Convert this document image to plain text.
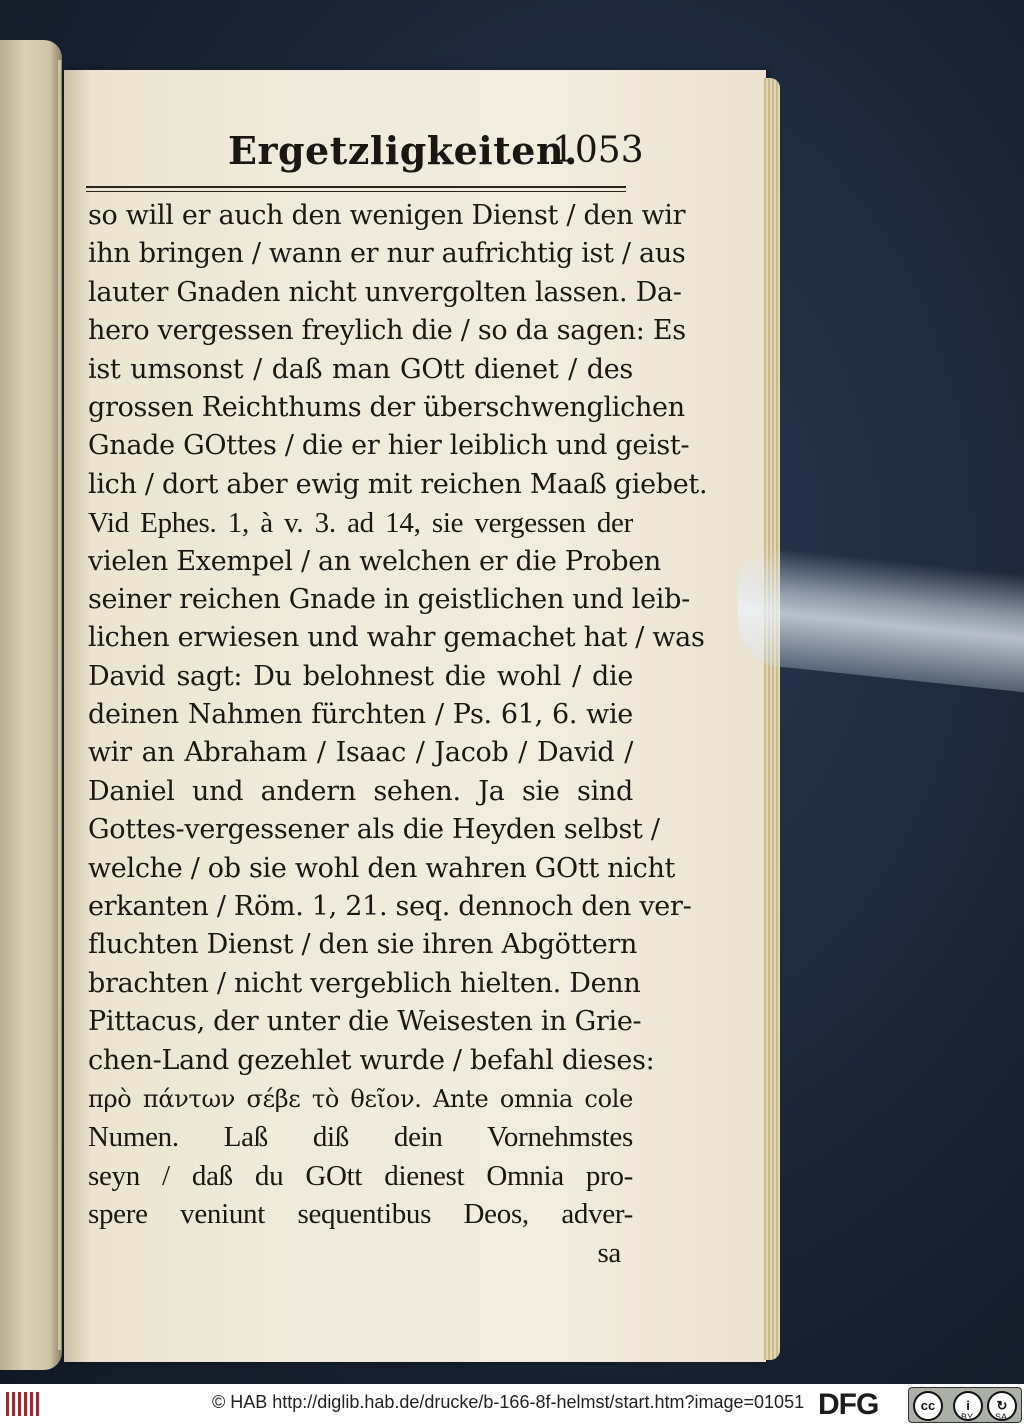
Ergetzligkeiten.
1053
so will er auch den wenigen Dienst / den wir
ihn bringen / wann er nur aufrichtig ist / aus
lauter Gnaden nicht unvergolten lassen. Da-
hero vergessen freylich die / so da sagen: Es
ist umsonst / daß man GOtt dienet / des
grossen Reichthums der überschwenglichen
Gnade GOttes / die er hier leiblich und geist-
lich / dort aber ewig mit reichen Maaß giebet.
Vid Ephes. 1, à v. 3. ad 14, sie vergessen der
vielen Exempel / an welchen er die Proben
seiner reichen Gnade in geistlichen und leib-
lichen erwiesen und wahr gemachet hat / was
David sagt: Du belohnest die wohl / die
deinen Nahmen fürchten / Ps. 61, 6. wie
wir an Abraham / Isaac / Jacob / David /
Daniel und andern sehen. Ja sie sind
Gottes-vergessener als die Heyden selbst /
welche / ob sie wohl den wahren GOtt nicht
erkanten / Röm. 1, 21. seq. dennoch den ver-
fluchten Dienst / den sie ihren Abgöttern
brachten / nicht vergeblich hielten. Denn
Pittacus, der unter die Weisesten in Grie-
chen-Land gezehlet wurde / befahl dieses:
πρὸ πάντων σέβε τὸ θεῖον. Ante omnia cole
Numen. Laß diß dein Vornehmstes
seyn / daß du GOtt dienest Omnia pro-
spere veniunt sequentibus Deos, adver-
sa
© HAB http://diglib.hab.de/drucke/b-166-8f-helmst/start.htm?image=01051 DFG	cc	i	↻
BY SA
